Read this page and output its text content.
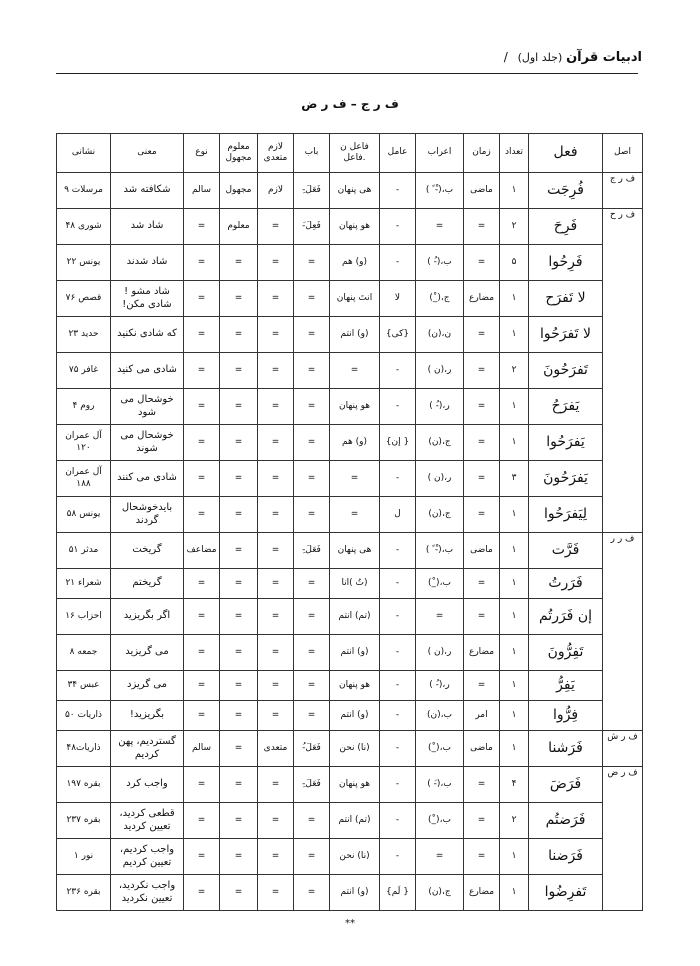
ادبیات قرآن (جلد اول) /
ف ر ج – ف ر ض
اصل	فعل	تعداد	زمان	اعراب	عامل	فاعل ن .فاعل	باب	لازم متعدی	معلوم مجهول	نوع	معنی	نشانی
ف ر ج	فُرِجَت	۱	ماضی	ب،(-ْ ً )	-	هی پنهان	فَعَلَ-ِ	لازم	مجهول	سالم	شکافته شد	مرسلات ۹
ف ر ح	فَرِحَ	۲	=	=	-	هو پنهان	فَعِلَ-َ	=	معلوم	=	شاد شد	شوری ۴۸
	فَرِحُوا	۵	=	ب،(-ُ )	-	(و) هم	=	=	=	=	شاد شدند	یونس ۲۲
	لا تَفرَح	۱	مضارع	ج،(_ْ)	لا	انتَ پنهان	=	=	=	=	شاد مشو ! شادی مکن!	قصص ۷۶
	لا تَفرَحُوا	۱	=	ن،(ن)	{کی}	(و) انتم	=	=	=	=	که شادی نکنید	حدید ۲۳
	تَفرَحُونَ	۲	=	ر،(ن )	-	=	=	=	=	=	شادی می کنید	غافر ۷۵
	یَفرَحُ	۱	=	ر،(-ُ )	-	هو پنهان	=	=	=	=	خوشحال می شود	روم ۴
	یَفرَحُوا	۱	=	ج،(ن)	{ إن}	(و) هم	=	=	=	=	خوشحال می شوند	آل عمران ۱۲۰
	یَفرَحُونَ	۳	=	ر،(ن )	-	=	=	=	=	=	شادی می کنند	آل عمران ۱۸۸
	لِیَفرَحُوا	۱	=	ج،(ن)	ل	=	=	=	=	=	بایدخوشحال گردند	یونس ۵۸
ف ر ر	فَرَّت	۱	ماضی	ب،(-ْ ً )	-	هی پنهان	فَعَلَ-ِ	=	=	مضاعف	گریخت	مدثر ۵۱
	فَرَرتُ	۱	=	ب،(_ْ)	-	(تُ )انا	=	=	=	=	گریختم	شعراء ۲۱
	إن فَرَرتُم	۱	=	=	-	(تم) انتم	=	=	=	=	اگر بگریزید	احزاب ۱۶
	تَفِرُّونَ	۱	مضارع	ر،(ن )	-	(و) انتم	=	=	=	=	می گریزید	جمعه ۸
	یَفِرُّ	۱	=	ر،(-ُ )	-	هو پنهان	=	=	=	=	می گریزد	عبس ۳۴
	فِرُّوا	۱	امر	ب،(ن)	-	(و) انتم	=	=	=	=	بگریزید!	ذاریات ۵۰
ف ر ش	فَرَشنا	۱	ماضی	ب،(_ْ)	-	(نا) نحن	فَعَلَ-ُ	متعدی	=	سالم	گستردیم، پهن کردیم	ذاریات۴۸
ف ر ض	فَرَضَ	۴	=	ب،(-َ )	-	هو پنهان	فَعَلَ-ِ	=	=	=	واجب کرد	بقره ۱۹۷
	فَرَضتُم	۲	=	ب،(_ْ)	-	(تم) انتم	=	=	=	=	قطعی کردید، تعیین کردید	بقره ۲۳۷
	فَرَضنا	۱	=	=	-	(نا) نحن	=	=	=	=	واجب کردیم، تعیین کردیم	نور ۱
	تَفرِضُوا	۱	مضارع	ج،(ن)	{ لَم}	(و) انتم	=	=	=	=	واجب نکردید، تعیین نکردید	بقره ۲۳۶
**
